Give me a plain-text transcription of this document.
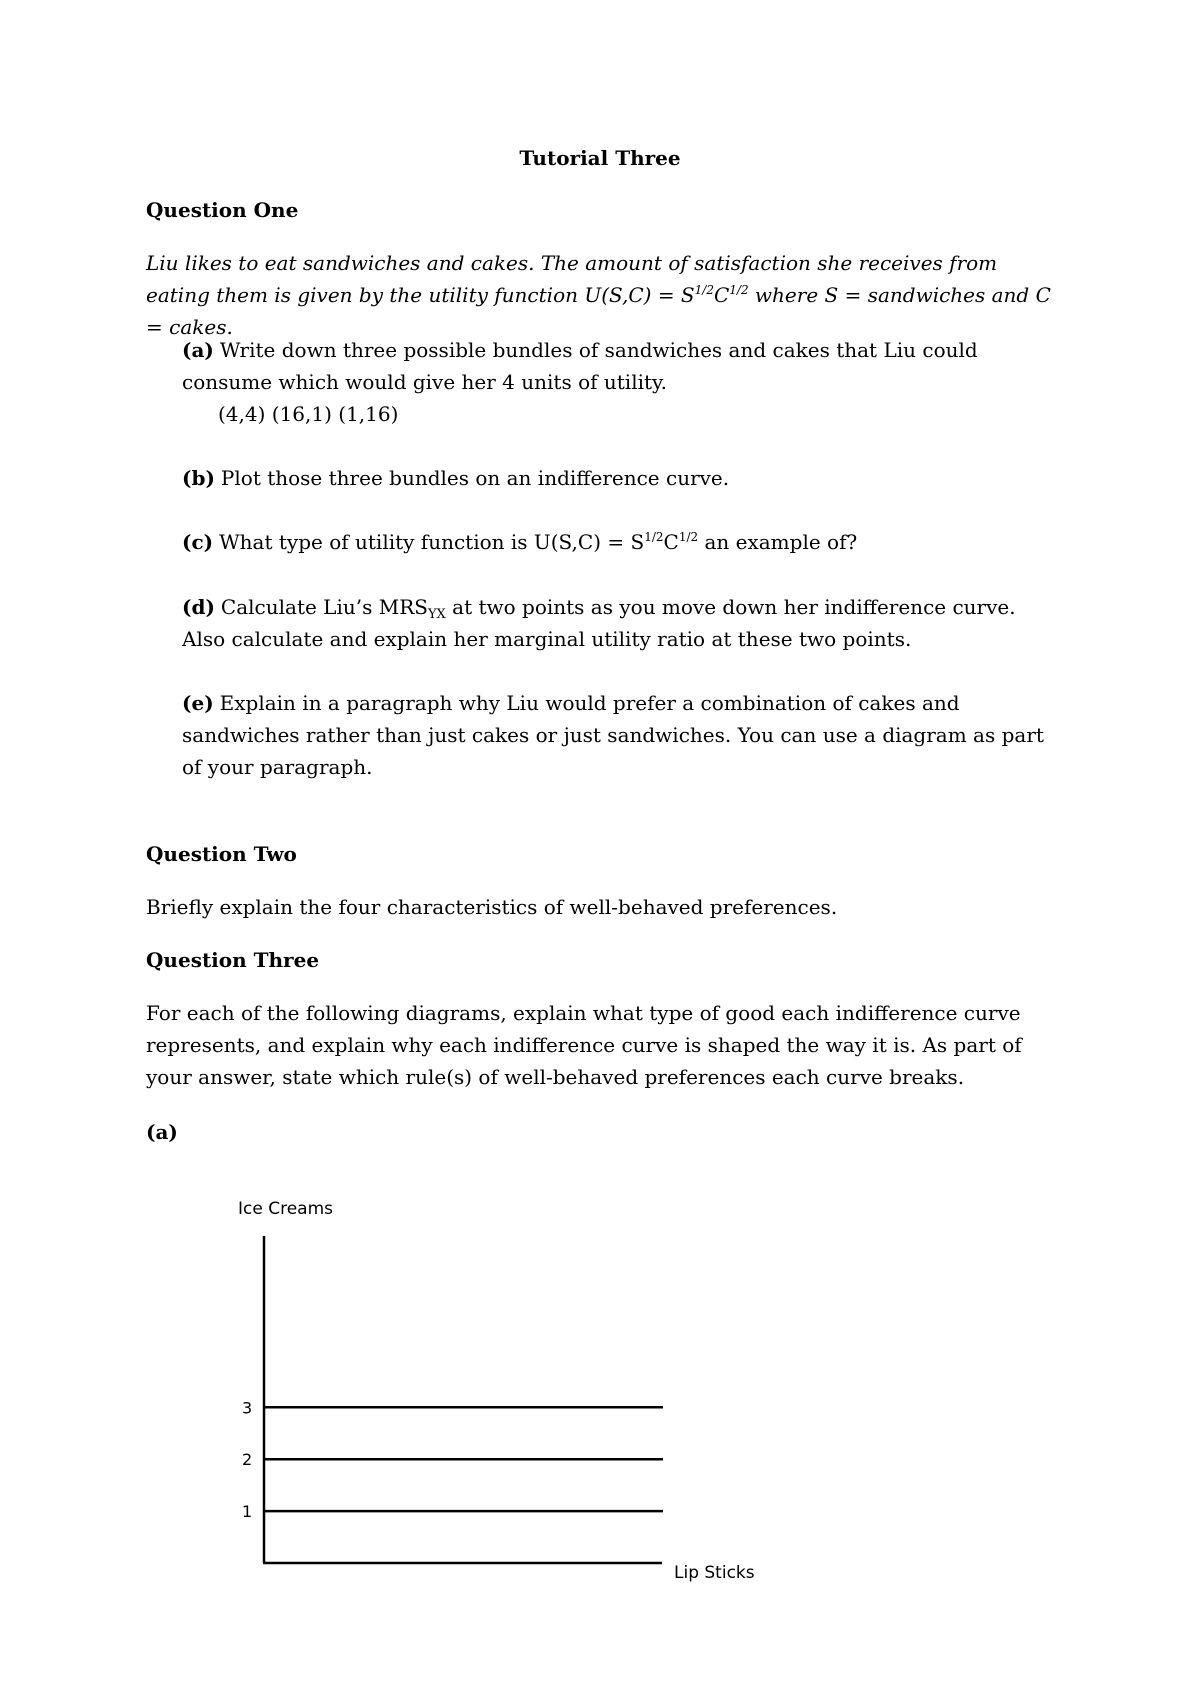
Tutorial Three
Question One
Liu likes to eat sandwiches and cakes. The amount of satisfaction she receives from eating them is given by the utility function $U(S,C) = S^{1/2}C^{1/2}$ where S = sandwiches and C = cakes.
(a) Write down three possible bundles of sandwiches and cakes that Liu could consume which would give her 4 units of utility.
(4,4) (16,1) (1,16)
(b) Plot those three bundles on an indifference curve.
(c) What type of utility function is $U(S,C) = S^{1/2}C^{1/2}$ an example of?
(d) Calculate Liu’s $MRS_{YX}$ at two points as you move down her indifference curve. Also calculate and explain her marginal utility ratio at these two points.
(e) Explain in a paragraph why Liu would prefer a combination of cakes and sandwiches rather than just cakes or just sandwiches. You can use a diagram as part of your paragraph.
Question Two
Briefly explain the four characteristics of well-behaved preferences.
Question Three
For each of the following diagrams, explain what type of good each indifference curve represents, and explain why each indifference curve is shaped the way it is. As part of your answer, state which rule(s) of well-behaved preferences each curve breaks.
(a)
Ice Creams
Lip Sticks
1
2
3
